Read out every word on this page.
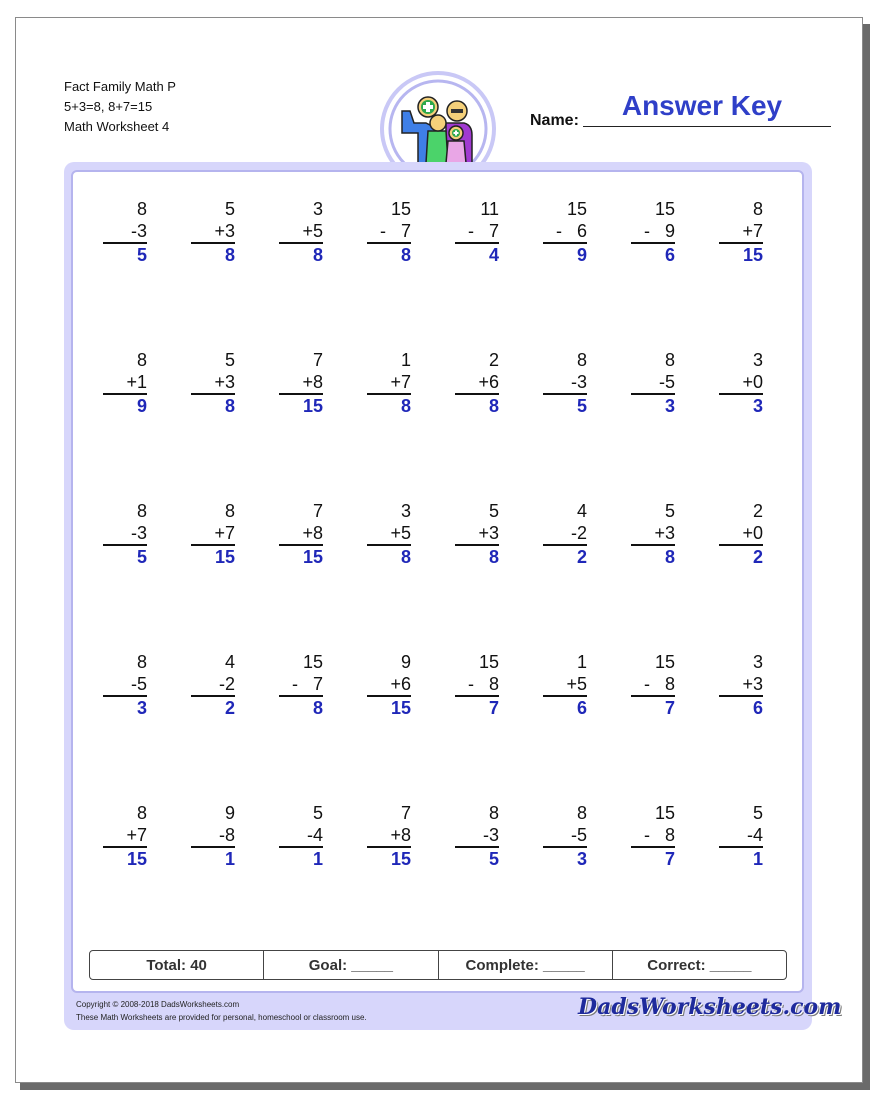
Fact Family Math P
5+3=8, 8+7=15
Math Worksheet 4	Name:	Answer Key
8
-3
5
5
+3
8
3
+5
8
15
- 7
8
11
- 7
4
15
- 6
9
15
- 9
6
8
+7
15
8
+1
9
5
+3
8
7
+8
15
1
+7
8
2
+6
8
8
-3
5
8
-5
3
3
+0
3
8
-3
5
8
+7
15
7
+8
15
3
+5
8
5
+3
8
4
-2
2
5
+3
8
2
+0
2
8
-5
3
4
-2
2
15
- 7
8
9
+6
15
15
- 8
7
1
+5
6
15
- 8
7
3
+3
6
8
+7
15
9
-8
1
5
-4
1
7
+8
15
8
-3
5
8
-5
3
15
- 8
7
5
-4
1
Total: 40	Goal: _____	Complete: _____	Correct: _____
Copyright © 2008-2018 DadsWorksheets.com
These Math Worksheets are provided for personal, homeschool or classroom use.	DadsWorksheets.com
